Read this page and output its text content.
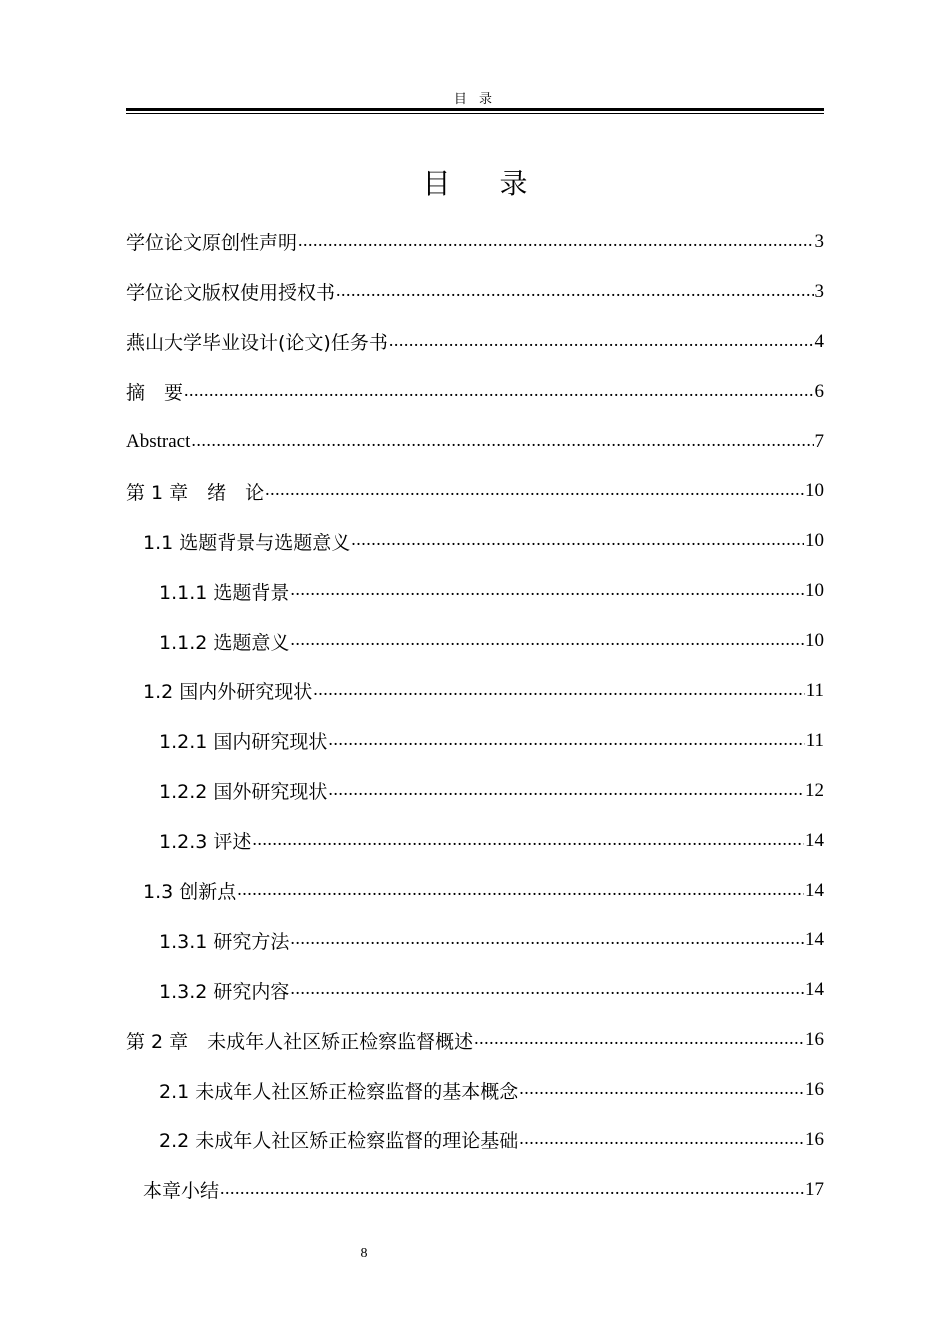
目 录
目 录
学位论文原创性声明 .....	3
学位论文版权使用授权书 .....	3
燕山大学毕业设计(论文)任务书 .....	4
摘　要 .....	6
Abstract .....	7
第 1 章　绪　论 .....	10
1.1 选题背景与选题意义 .....	10
1.1.1 选题背景 .....	10
1.1.2 选题意义 .....	10
1.2 国内外研究现状 .....	11
1.2.1 国内研究现状 .....	11
1.2.2 国外研究现状 .....	12
1.2.3 评述 .....	14
1.3 创新点 .....	14
1.3.1 研究方法 .....	14
1.3.2 研究内容 .....	14
第 2 章　未成年人社区矫正检察监督概述 .....	16
2.1 未成年人社区矫正检察监督的基本概念 .....	16
2.2 未成年人社区矫正检察监督的理论基础 .....	16
本章小结 .....	17
8
